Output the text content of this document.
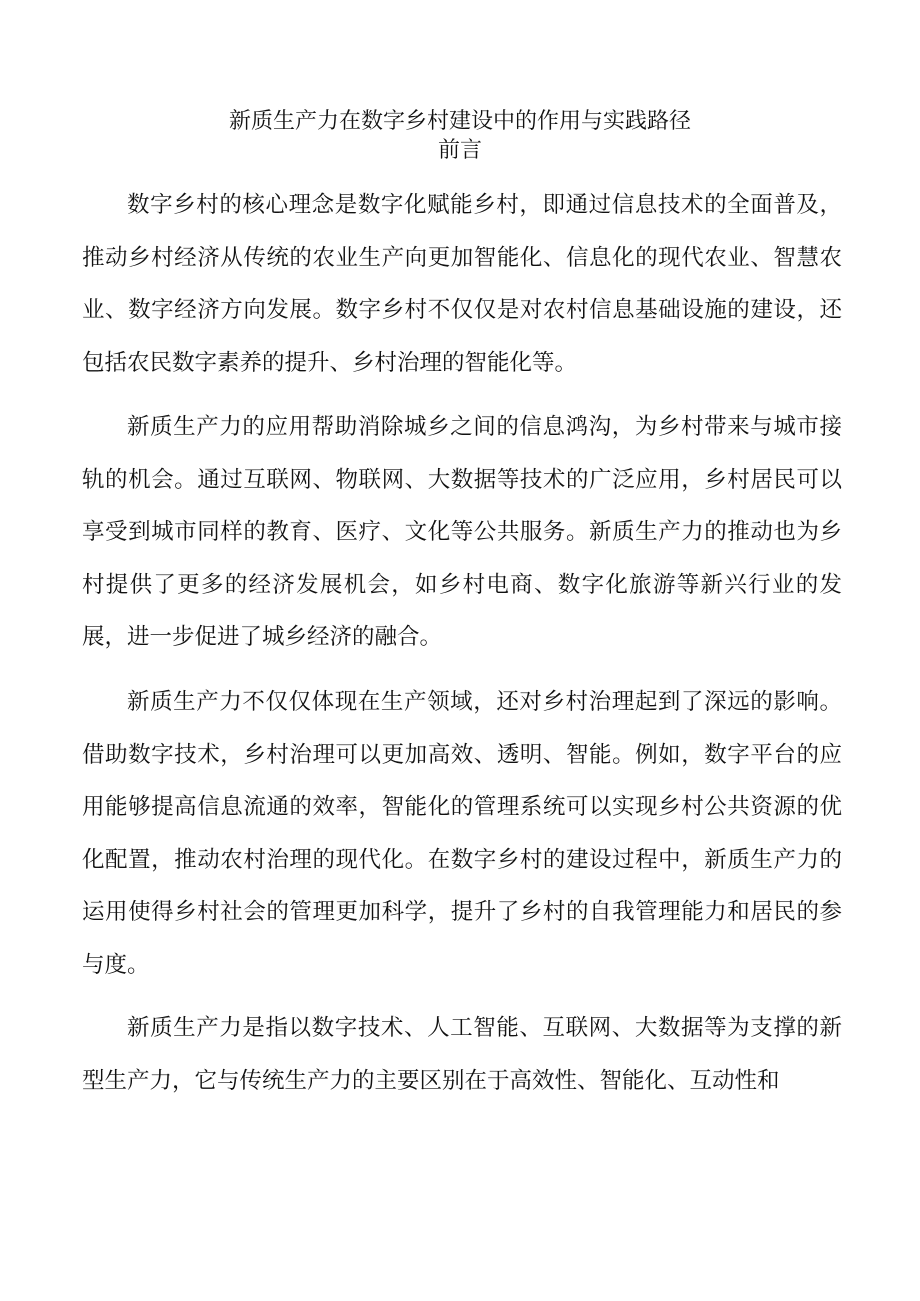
新质生产力在数字乡村建设中的作用与实践路径
前言

数字乡村的核心理念是数字化赋能乡村，即通过信息技术的全面普及，推动乡村经济从传统的农业生产向更加智能化、信息化的现代农业、智慧农业、数字经济方向发展。数字乡村不仅仅是对农村信息基础设施的建设，还包括农民数字素养的提升、乡村治理的智能化等。

新质生产力的应用帮助消除城乡之间的信息鸿沟，为乡村带来与城市接轨的机会。通过互联网、物联网、大数据等技术的广泛应用，乡村居民可以享受到城市同样的教育、医疗、文化等公共服务。新质生产力的推动也为乡村提供了更多的经济发展机会，如乡村电商、数字化旅游等新兴行业的发展，进一步促进了城乡经济的融合。

新质生产力不仅仅体现在生产领域，还对乡村治理起到了深远的影响。借助数字技术，乡村治理可以更加高效、透明、智能。例如，数字平台的应用能够提高信息流通的效率，智能化的管理系统可以实现乡村公共资源的优化配置，推动农村治理的现代化。在数字乡村的建设过程中，新质生产力的运用使得乡村社会的管理更加科学，提升了乡村的自我管理能力和居民的参与度。

新质生产力是指以数字技术、人工智能、互联网、大数据等为支撑的新型生产力，它与传统生产力的主要区别在于高效性、智能化、互动性和
